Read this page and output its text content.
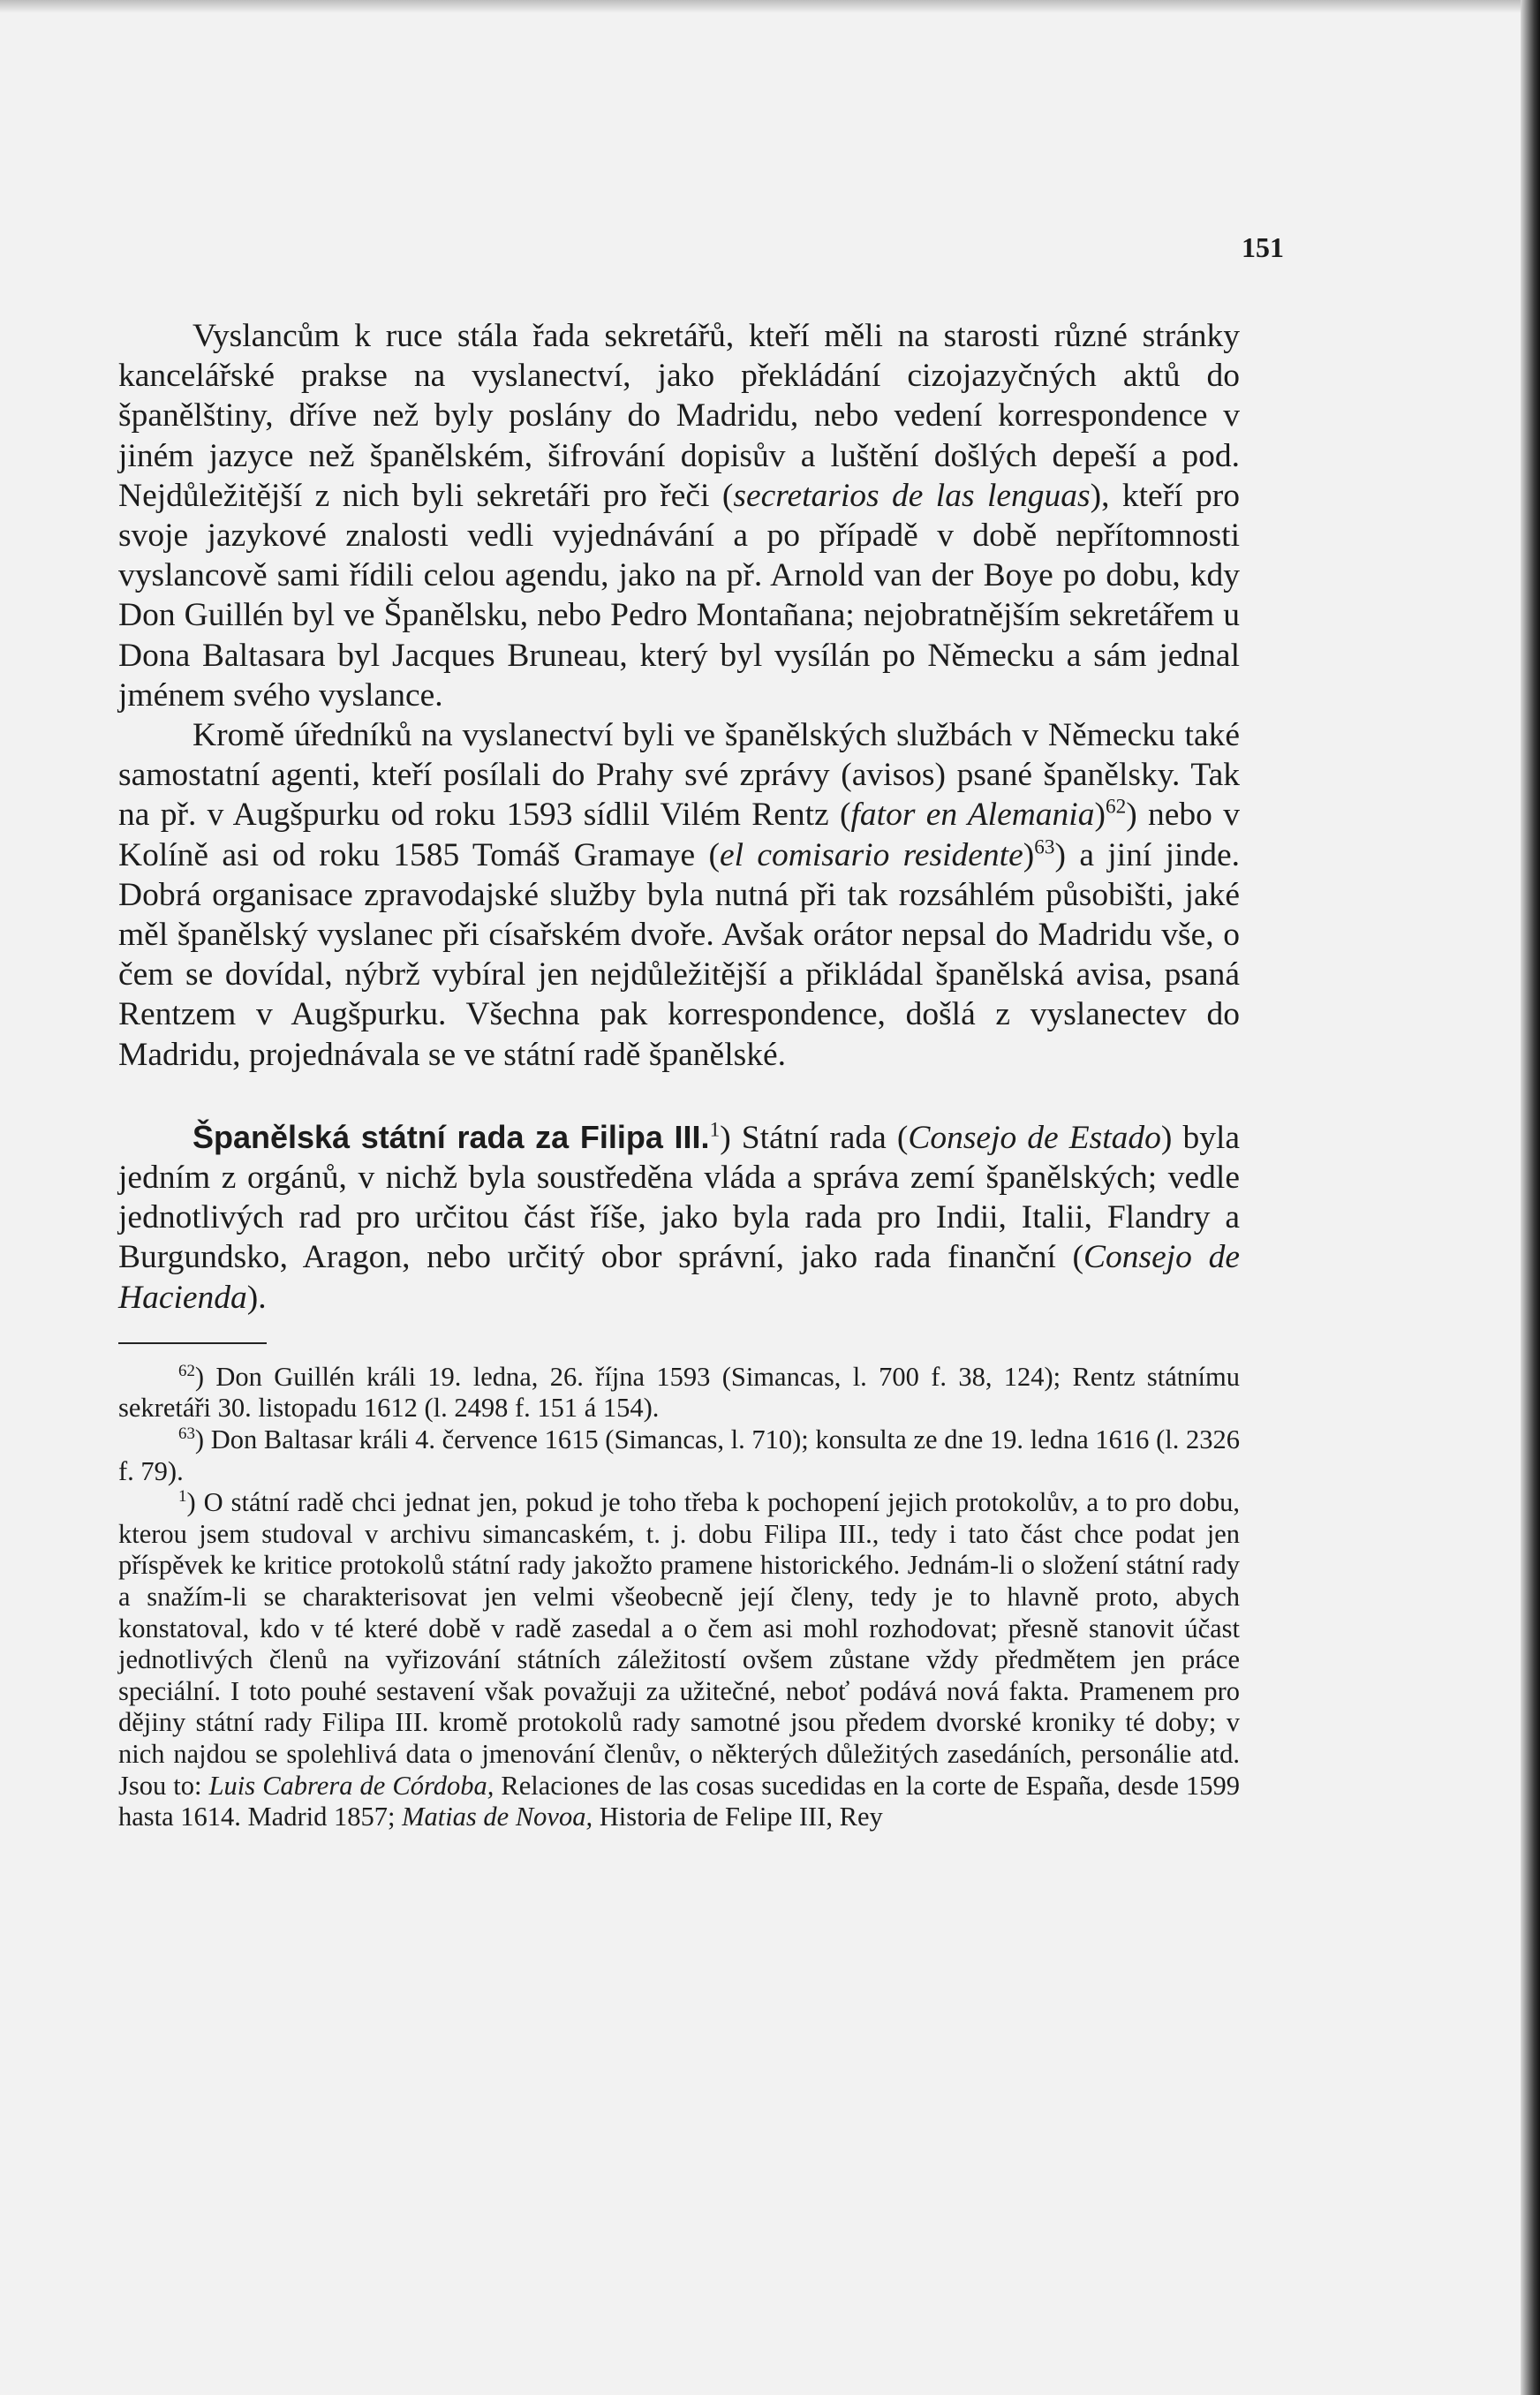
151

Vyslancům k ruce stála řada sekretářů, kteří měli na starosti různé stránky kancelářské prakse na vyslanectví, jako překládání cizojazyčných aktů do španělštiny, dříve než byly poslány do Madridu, nebo vedení korrespondence v jiném jazyce než španělském, šifrování dopisův a luštění došlých depeší a pod. Nejdůležitější z nich byli sekretáři pro řeči (secretarios de las lenguas), kteří pro svoje jazykové znalosti vedli vyjednávání a po případě v době nepřítomnosti vyslancově sami řídili celou agendu, jako na př. Arnold van der Boye po dobu, kdy Don Guillén byl ve Španělsku, nebo Pedro Montañana; nejobratnějším sekretářem u Dona Baltasara byl Jacques Bruneau, který byl vysílán po Německu a sám jednal jménem svého vyslance.

Kromě úředníků na vyslanectví byli ve španělských službách v Německu také samostatní agenti, kteří posílali do Prahy své zprávy (avisos) psané španělsky. Tak na př. v Augšpurku od roku 1593 sídlil Vilém Rentz (fator en Alemania)$^{62}$) nebo v Kolíně asi od roku 1585 Tomáš Gramaye (el comisario residente)$^{63}$) a jiní jinde. Dobrá organisace zpravodajské služby byla nutná při tak rozsáhlém působišti, jaké měl španělský vyslanec při císařském dvoře. Avšak orátor nepsal do Madridu vše, o čem se dovídal, nýbrž vybíral jen nejdůležitější a přikládal španělská avisa, psaná Rentzem v Augšpurku. Všechna pak korrespondence, došlá z vyslanectev do Madridu, projednávala se ve státní radě španělské.

Španělská státní rada za Filipa III.$^1$) Státní rada (Consejo de Estado) byla jedním z orgánů, v nichž byla soustředěna vláda a správa zemí španělských; vedle jednotlivých rad pro určitou část říše, jako byla rada pro Indii, Italii, Flandry a Burgundsko, Aragon, nebo určitý obor správní, jako rada finanční (Consejo de Hacienda).

$^{62}$) Don Guillén králi 19. ledna, 26. října 1593 (Simancas, l. 700 f. 38, 124); Rentz státnímu sekretáři 30. listopadu 1612 (l. 2498 f. 151 á 154).

$^{63}$) Don Baltasar králi 4. července 1615 (Simancas, l. 710); konsulta ze dne 19. ledna 1616 (l. 2326 f. 79).

$^1$) O státní radě chci jednat jen, pokud je toho třeba k pochopení jejich protokolův, a to pro dobu, kterou jsem studoval v archivu simancaském, t. j. dobu Filipa III., tedy i tato část chce podat jen příspěvek ke kritice protokolů státní rady jakožto pramene historického. Jednám-li o složení státní rady a snažím-li se charakterisovat jen velmi všeobecně její členy, tedy je to hlavně proto, abych konstatoval, kdo v té které době v radě zasedal a o čem asi mohl rozhodovat; přesně stanovit účast jednotlivých členů na vyřizování státních záležitostí ovšem zůstane vždy předmětem jen práce speciální. I toto pouhé sestavení však považuji za užitečné, neboť podává nová fakta. Pramenem pro dějiny státní rady Filipa III. kromě protokolů rady samotné jsou předem dvorské kroniky té doby; v nich najdou se spolehlivá data o jmenování členův, o některých důležitých zasedáních, personálie atd. Jsou to: Luis Cabrera de Córdoba, Relaciones de las cosas sucedidas en la corte de España, desde 1599 hasta 1614. Madrid 1857; Matias de Novoa, Historia de Felipe III, Rey
